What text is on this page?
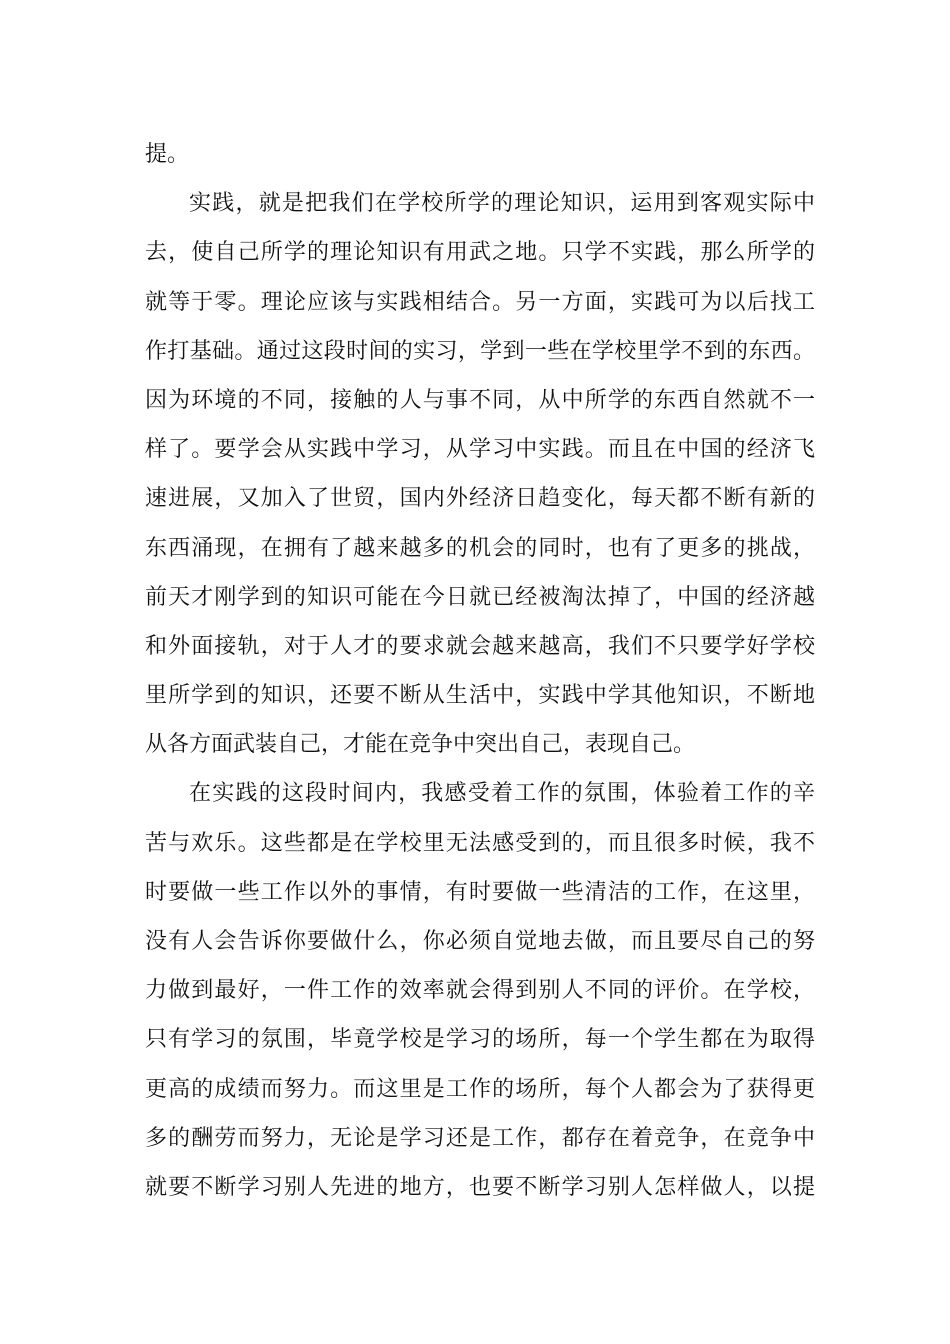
提。
实践，就是把我们在学校所学的理论知识，运用到客观实际中
去，使自己所学的理论知识有用武之地。只学不实践，那么所学的
就等于零。理论应该与实践相结合。另一方面，实践可为以后找工
作打基础。通过这段时间的实习，学到一些在学校里学不到的东西。
因为环境的不同，接触的人与事不同，从中所学的东西自然就不一
样了。要学会从实践中学习，从学习中实践。而且在中国的经济飞
速进展，又加入了世贸，国内外经济日趋变化，每天都不断有新的
东西涌现，在拥有了越来越多的机会的同时，也有了更多的挑战，
前天才刚学到的知识可能在今日就已经被淘汰掉了，中国的经济越
和外面接轨，对于人才的要求就会越来越高，我们不只要学好学校
里所学到的知识，还要不断从生活中，实践中学其他知识，不断地
从各方面武装自己，才能在竞争中突出自己，表现自己。
在实践的这段时间内，我感受着工作的氛围，体验着工作的辛
苦与欢乐。这些都是在学校里无法感受到的，而且很多时候，我不
时要做一些工作以外的事情，有时要做一些清洁的工作，在这里，
没有人会告诉你要做什么，你必须自觉地去做，而且要尽自己的努
力做到最好，一件工作的效率就会得到别人不同的评价。在学校，
只有学习的氛围，毕竟学校是学习的场所，每一个学生都在为取得
更高的成绩而努力。而这里是工作的场所，每个人都会为了获得更
多的酬劳而努力，无论是学习还是工作，都存在着竞争，在竞争中
就要不断学习别人先进的地方，也要不断学习别人怎样做人，以提
